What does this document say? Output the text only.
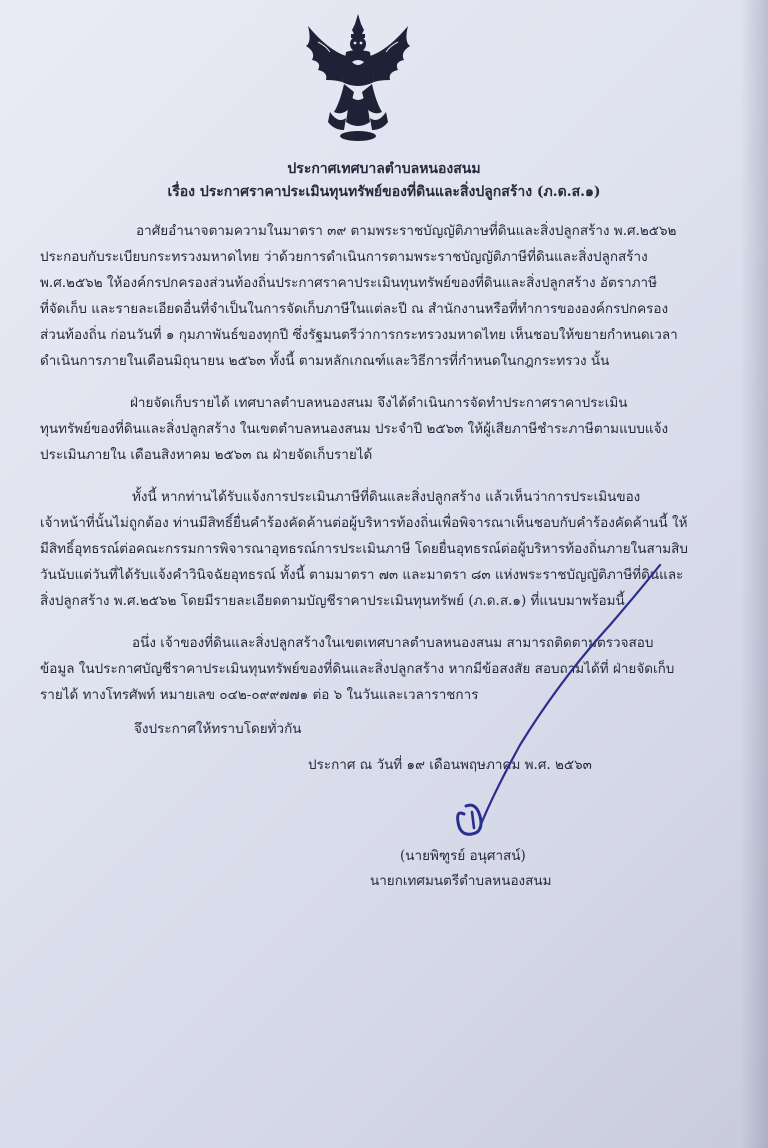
ประกาศเทศบาลตำบลหนองสนม
เรื่อง ประกาศราคาประเมินทุนทรัพย์ของที่ดินและสิ่งปลูกสร้าง (ภ.ด.ส.๑)
อาศัยอำนาจตามความในมาตรา ๓๙ ตามพระราชบัญญัติภาษที่ดินและสิ่งปลูกสร้าง พ.ศ.๒๕๖๒
ประกอบกับระเบียบกระทรวงมหาดไทย ว่าด้วยการดำเนินการตามพระราชบัญญัติภาษีที่ดินและสิ่งปลูกสร้าง
พ.ศ.๒๕๖๒ ให้องค์กรปกครองส่วนท้องถิ่นประกาศราคาประเมินทุนทรัพย์ของที่ดินและสิ่งปลูกสร้าง อัตราภาษี
ที่จัดเก็บ และรายละเอียดอื่นที่จำเป็นในการจัดเก็บภาษีในแต่ละปี ณ สำนักงานหรือที่ทำการขององค์กรปกครอง
ส่วนท้องถิ่น ก่อนวันที่ ๑ กุมภาพันธ์ของทุกปี ซึ่งรัฐมนตรีว่าการกระทรวงมหาดไทย เห็นชอบให้ขยายกำหนดเวลา
ดำเนินการภายในเดือนมิถุนายน ๒๕๖๓ ทั้งนี้ ตามหลักเกณฑ์และวิธีการที่กำหนดในกฎกระทรวง นั้น
ฝ่ายจัดเก็บรายได้ เทศบาลตำบลหนองสนม จึงได้ดำเนินการจัดทำประกาศราคาประเมิน
ทุนทรัพย์ของที่ดินและสิ่งปลูกสร้าง ในเขตตำบลหนองสนม ประจำปี ๒๕๖๓ ให้ผู้เสียภาษีชำระภาษีตามแบบแจ้ง
ประเมินภายใน เดือนสิงหาคม ๒๕๖๓ ณ ฝ่ายจัดเก็บรายได้
ทั้งนี้ หากท่านได้รับแจ้งการประเมินภาษีที่ดินและสิ่งปลูกสร้าง แล้วเห็นว่าการประเมินของ
เจ้าหน้าที่นั้นไม่ถูกต้อง ท่านมีสิทธิ์ยื่นคำร้องคัดค้านต่อผู้บริหารท้องถิ่นเพื่อพิจารณาเห็นชอบกับคำร้องคัดค้านนี้ ให้
มีสิทธิ์อุทธรณ์ต่อคณะกรรมการพิจารณาอุทธรณ์การประเมินภาษี โดยยื่นอุทธรณ์ต่อผู้บริหารท้องถิ่นภายในสามสิบ
วันนับแต่วันที่ได้รับแจ้งคำวินิจฉัยอุทธรณ์ ทั้งนี้ ตามมาตรา ๗๓ และมาตรา ๘๓ แห่งพระราชบัญญัติภาษีที่ดินและ
สิ่งปลูกสร้าง พ.ศ.๒๕๖๒ โดยมีรายละเอียดตามบัญชีราคาประเมินทุนทรัพย์ (ภ.ด.ส.๑) ที่แนบมาพร้อมนี้
อนึ่ง เจ้าของที่ดินและสิ่งปลูกสร้างในเขตเทศบาลตำบลหนองสนม สามารถติดตามตรวจสอบ
ข้อมูล ในประกาศบัญชีราคาประเมินทุนทรัพย์ของที่ดินและสิ่งปลูกสร้าง หากมีข้อสงสัย สอบถามได้ที่ ฝ่ายจัดเก็บ
รายได้ ทางโทรศัพท์ หมายเลข ๐๔๒-๐๙๙๗๗๑ ต่อ ๖ ในวันและเวลาราชการ
จึงประกาศให้ทราบโดยทั่วกัน
ประกาศ ณ วันที่ ๑๙ เดือนพฤษภาคม พ.ศ. ๒๕๖๓
(นายพิฑูรย์ อนุศาสน์)
นายกเทศมนตรีตำบลหนองสนม
